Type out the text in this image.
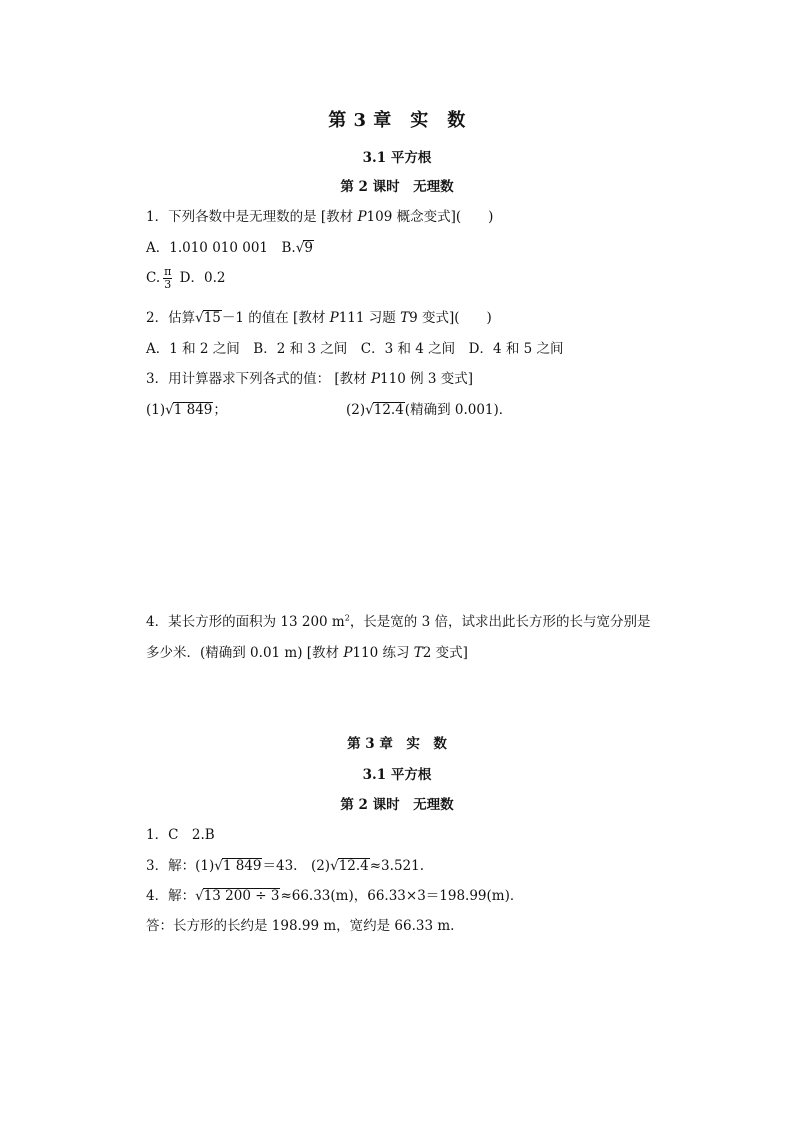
第 3 章　实　数
3.1 平方根
第 2 课时　无理数
1．下列各数中是无理数的是 [教材 P109 概念变式](　　)
A．1.010 010 001　B.√9
C. $\frac{\pi}{3}$ D．0.2
2．估算√15－1 的值在 [教材 P111 习题 T9 变式](　　)
A．1 和 2 之间　B．2 和 3 之间　C．3 和 4 之间　D．4 和 5 之间
3．用计算器求下列各式的值： [教材 P110 例 3 变式]
(1)√1 849；	(2)√12.4(精确到 0.001)．
4．某长方形的面积为 13 200 $m^2$，长是宽的 3 倍，试求出此长方形的长与宽分别是
多少米．(精确到 0.01 m) [教材 P110 练习 T2 变式]
第 3 章　实　数
3.1 平方根
第 2 课时　无理数
1．C　2.B
3．解：(1)√1 849＝43.　(2)√12.4≈3.521.
4．解：√13 200 ÷ 3≈66.33(m)，66.33×3＝198.99(m)．
答：长方形的长约是 198.99 m，宽约是 66.33 m.
